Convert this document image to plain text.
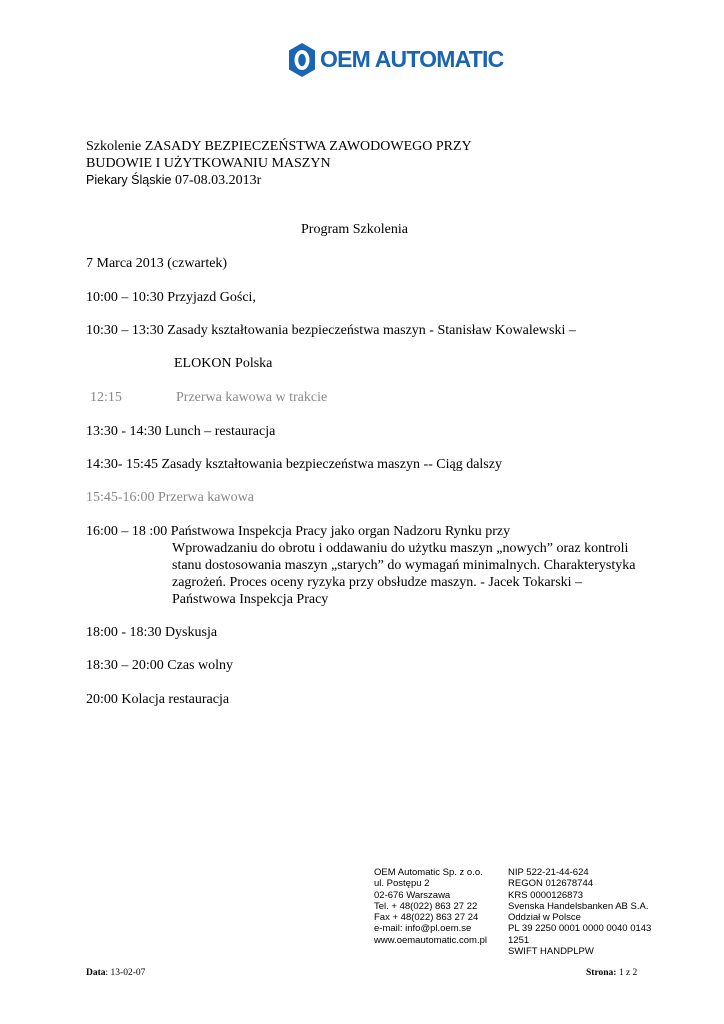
OEM AUTOMATIC
Szkolenie ZASADY BEZPIECZEŃSTWA ZAWODOWEGO PRZY
BUDOWIE I UŻYTKOWANIU MASZYN
Piekary Śląskie 07-08.03.2013r
Program Szkolenia
7 Marca 2013 (czwartek)
10:00 – 10:30 Przyjazd Gości,
10:30 – 13:30 Zasady kształtowania bezpieczeństwa maszyn - Stanisław Kowalewski –
ELOKON Polska
12:15	Przerwa kawowa w trakcie
13:30 - 14:30 Lunch – restauracja
14:30- 15:45 Zasady kształtowania bezpieczeństwa maszyn -- Ciąg dalszy
15:45-16:00 Przerwa kawowa
16:00 – 18 :00 Państwowa Inspekcja Pracy jako organ Nadzoru Rynku przy
Wprowadzaniu do obrotu i oddawaniu do użytku maszyn „nowych” oraz kontroli
stanu dostosowania maszyn „starych” do wymagań minimalnych. Charakterystyka
zagrożeń. Proces oceny ryzyka przy obsłudze maszyn. - Jacek Tokarski –
Państwowa Inspekcja Pracy
18:00 - 18:30 Dyskusja
18:30 – 20:00 Czas wolny
20:00 Kolacja restauracja
OEM Automatic Sp. z o.o.
ul. Postępu 2
02-676 Warszawa
Tel. + 48(022) 863 27 22
Fax + 48(022) 863 27 24
e-mail: info@pl.oem.se
www.oemautomatic.com.pl
NIP 522-21-44-624
REGON 012678744
KRS 0000126873
Svenska Handelsbanken AB S.A.
Oddział w Polsce
PL 39 2250 0001 0000 0040 0143
1251
SWIFT HANDPLPW
Data: 13-02-07	Strona: 1 z 2
